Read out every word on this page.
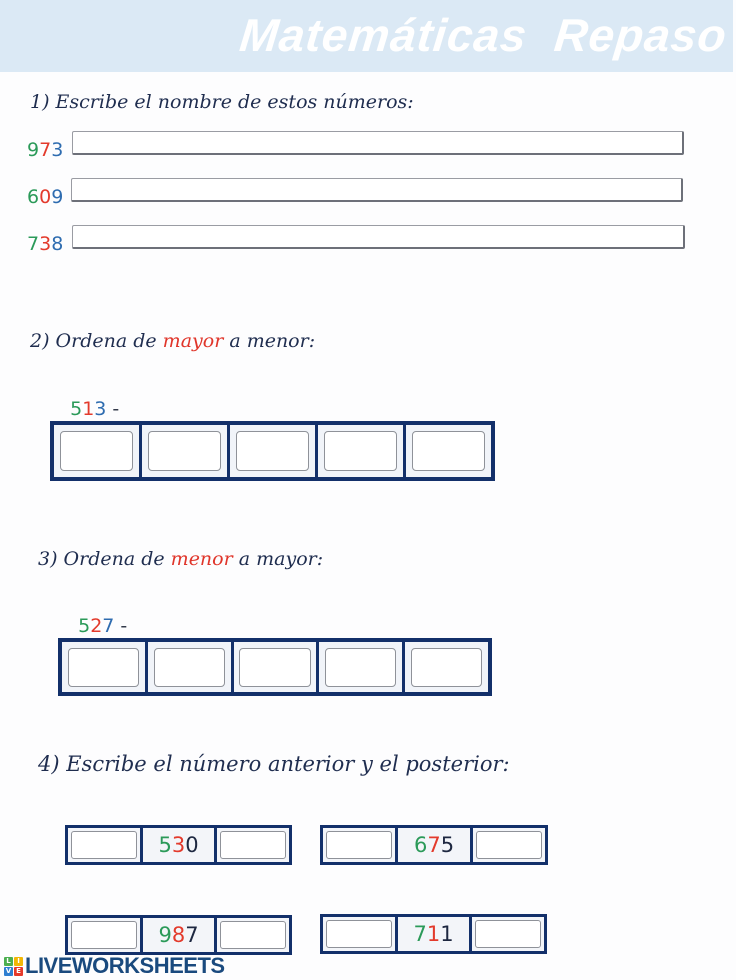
Matemáticas  Repaso
1) Escribe el nombre de estos números:
973
609
738
2) Ordena de mayor a menor:

513 -

3) Ordena de menor a mayor:

527 -

4) Escribe el número anterior y el posterior:
5 3 0	6 7 5
9 8 7	7 1 1
L I
V E LIVEWORKSHEETS
